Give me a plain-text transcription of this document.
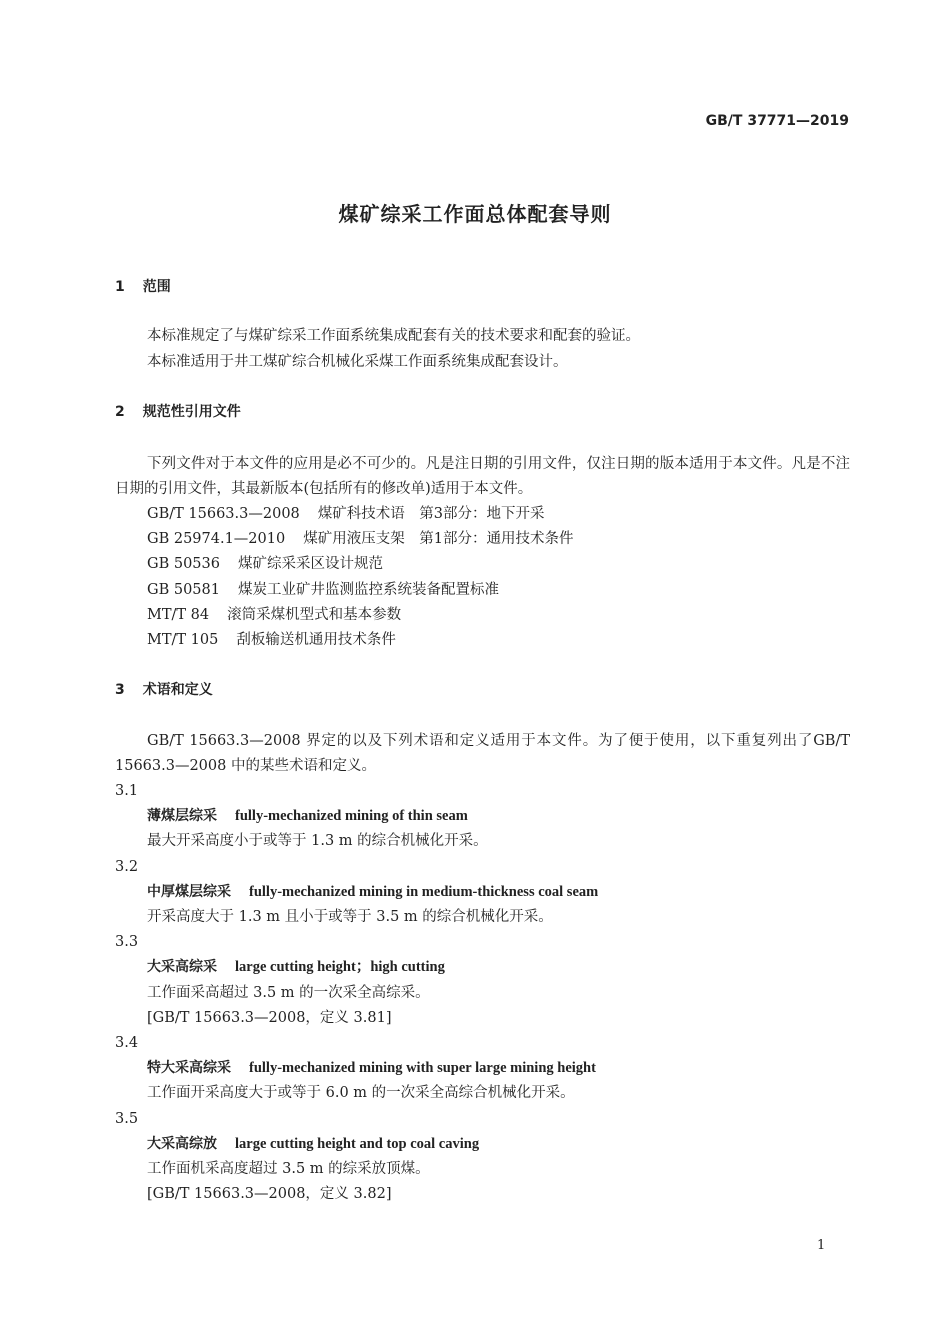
GB/T 37771—2019
煤矿综采工作面总体配套导则
1 范围
本标准规定了与煤矿综采工作面系统集成配套有关的技术要求和配套的验证。
本标准适用于井工煤矿综合机械化采煤工作面系统集成配套设计。
2 规范性引用文件
下列文件对于本文件的应用是必不可少的。凡是注日期的引用文件，仅注日期的版本适用于本文件。凡是不注日期的引用文件，其最新版本(包括所有的修改单)适用于本文件。
GB/T 15663.3—2008 煤矿科技术语　第3部分：地下开采
GB 25974.1—2010 煤矿用液压支架　第1部分：通用技术条件
GB 50536 煤矿综采采区设计规范
GB 50581 煤炭工业矿井监测监控系统装备配置标准
MT/T 84 滚筒采煤机型式和基本参数
MT/T 105 刮板输送机通用技术条件
3 术语和定义
GB/T 15663.3—2008 界定的以及下列术语和定义适用于本文件。为了便于使用，以下重复列出了GB/T 15663.3—2008 中的某些术语和定义。
3.1
薄煤层综采 fully-mechanized mining of thin seam
最大开采高度小于或等于 1.3 m 的综合机械化开采。
3.2
中厚煤层综采 fully-mechanized mining in medium-thickness coal seam
开采高度大于 1.3 m 且小于或等于 3.5 m 的综合机械化开采。
3.3
大采高综采 large cutting height；high cutting
工作面采高超过 3.5 m 的一次采全高综采。
[GB/T 15663.3—2008，定义 3.81]
3.4
特大采高综采 fully-mechanized mining with super large mining height
工作面开采高度大于或等于 6.0 m 的一次采全高综合机械化开采。
3.5
大采高综放 large cutting height and top coal caving
工作面机采高度超过 3.5 m 的综采放顶煤。
[GB/T 15663.3—2008，定义 3.82]
1
